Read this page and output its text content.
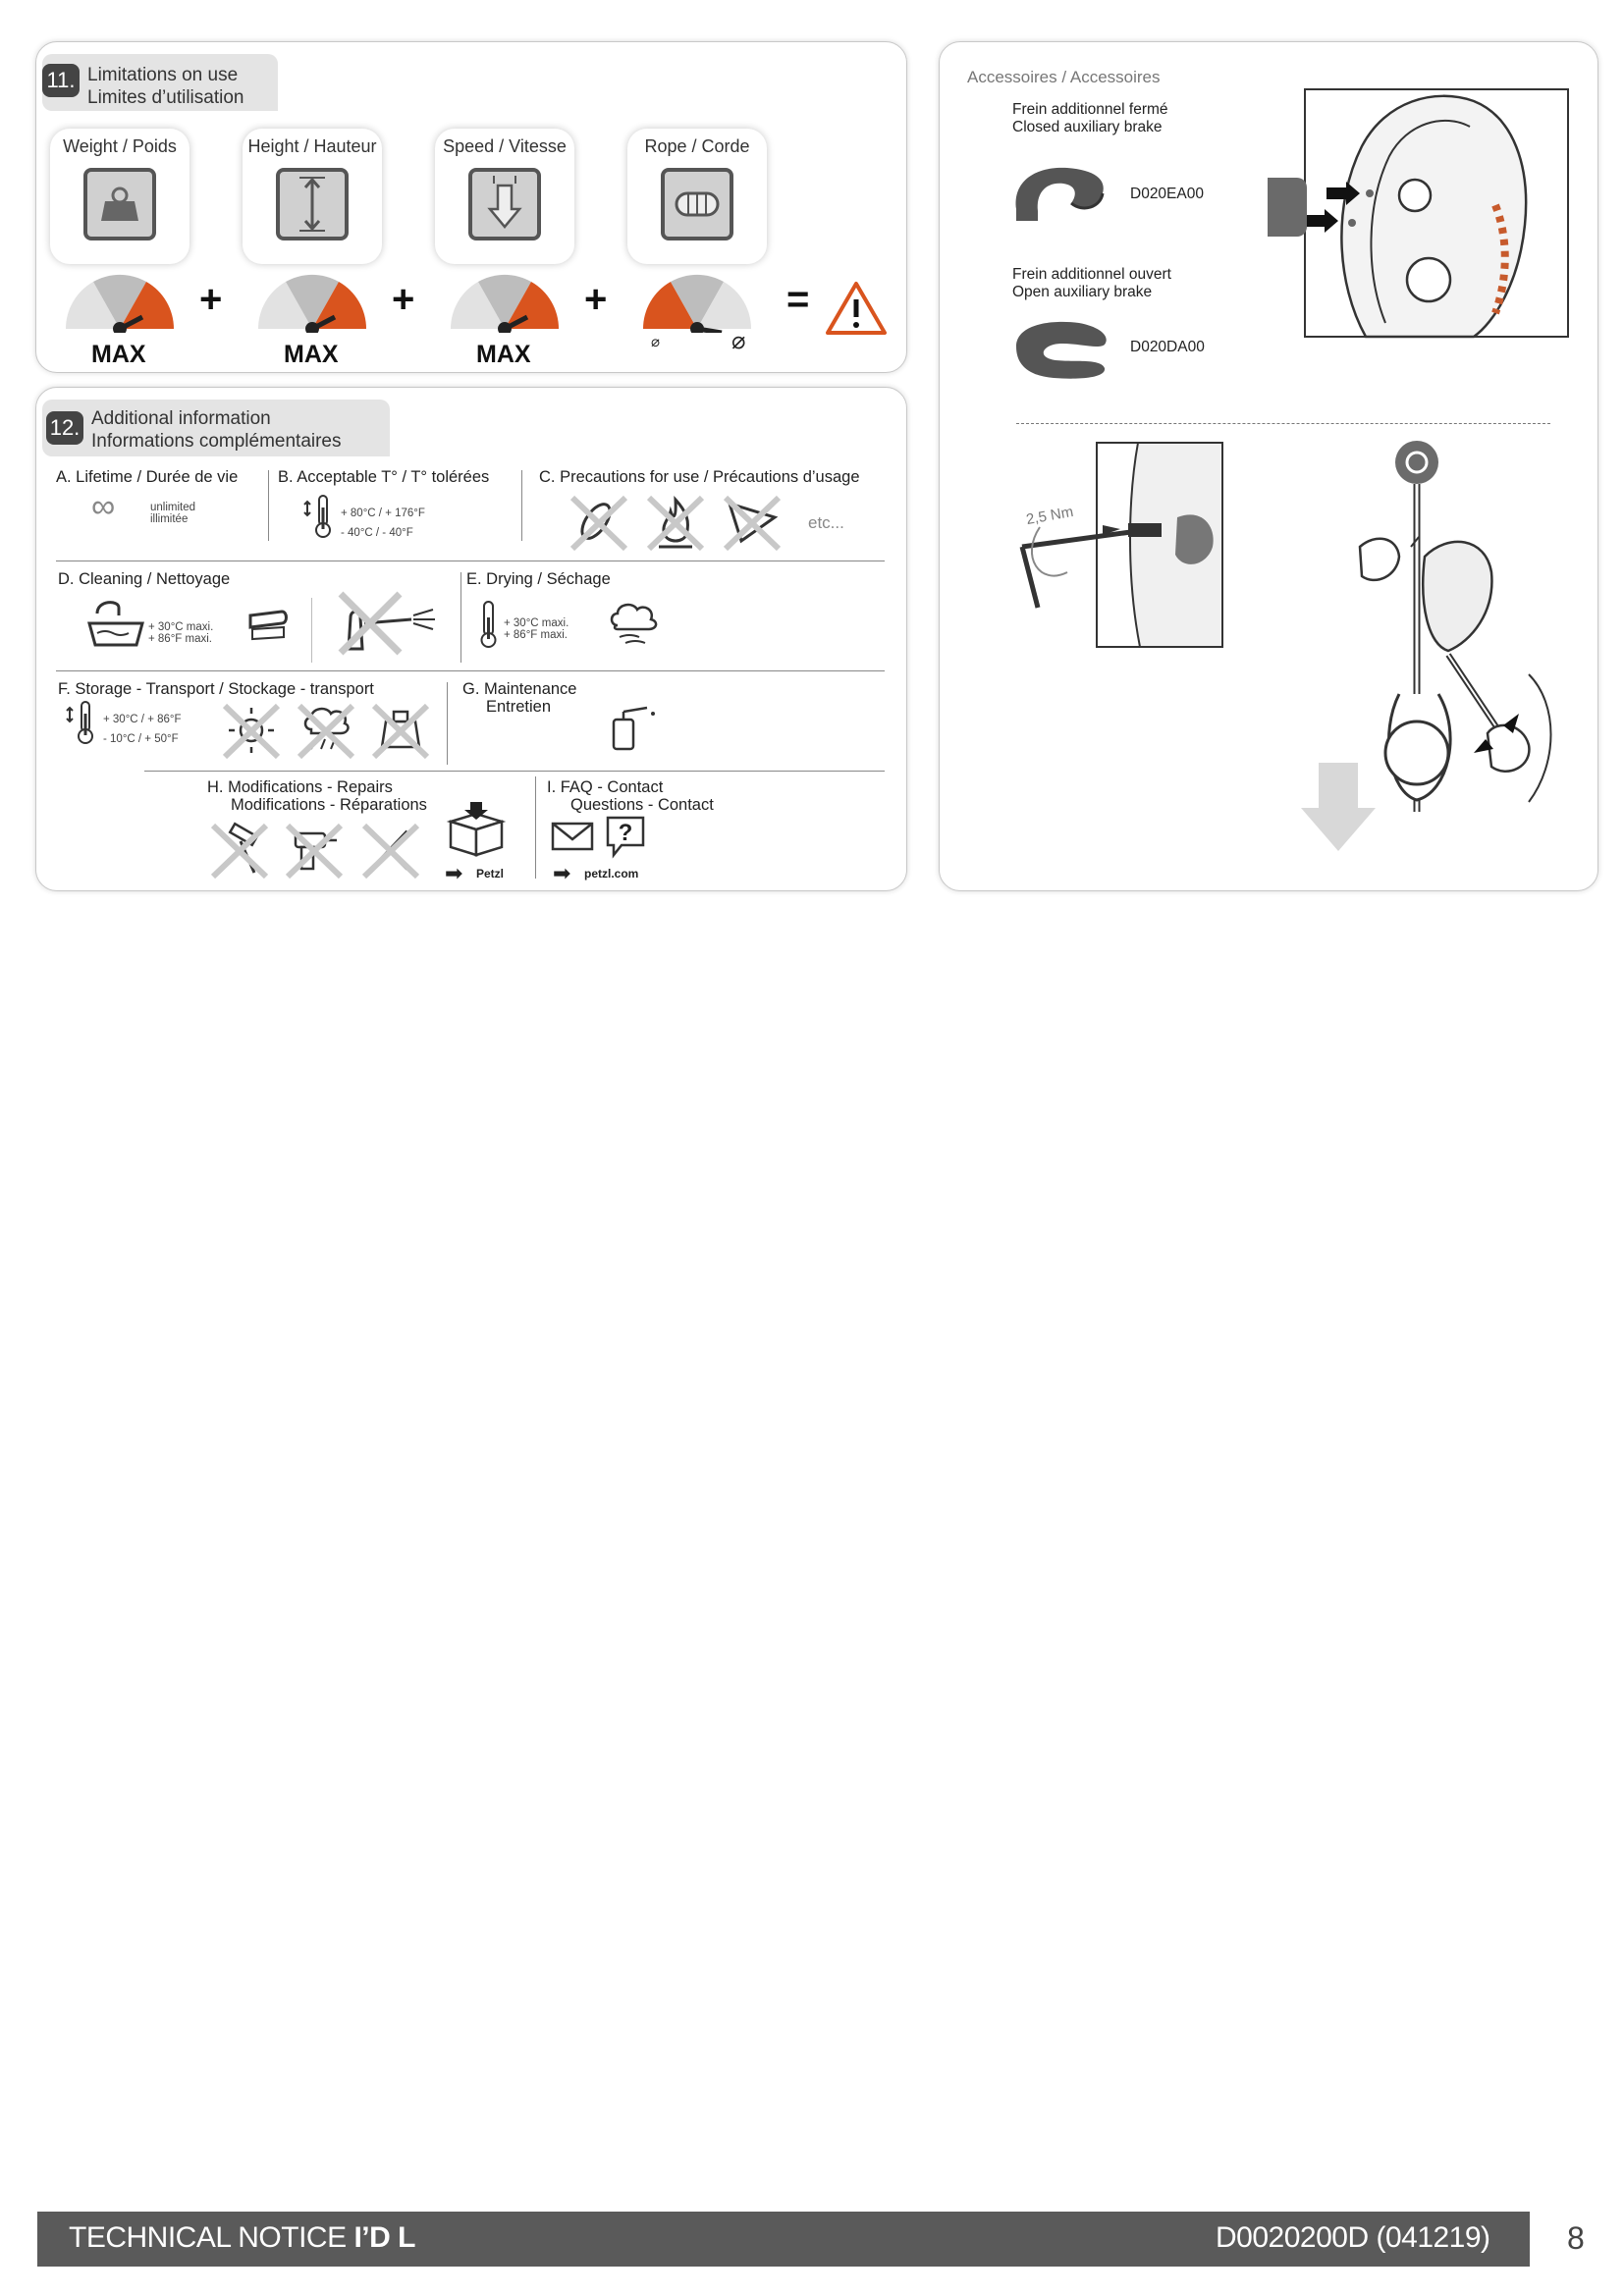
11. Limitations on use
Limites d’utilisation
Weight / Poids	Height / Hauteur	Speed / Vitesse	Rope / Corde
MAX
+
MAX
+
MAX
+
⌀	⌀
=
12. Additional information
Informations complémentaires
A. Lifetime / Durée de vie
∞	unlimited
illimitée
B. Acceptable T° / T° tolérées
+ 80°C / + 176°F
- 40°C / - 40°F
C. Precautions for use / Précautions d’usage
etc...
D. Cleaning / Nettoyage
+ 30°C maxi.
+ 86°F maxi.
E. Drying / Séchage
+ 30°C maxi.
+ 86°F maxi.
F. Storage - Transport / Stockage - transport
+ 30°C / + 86°F
- 10°C / + 50°F
G. Maintenance
Entretien
H. Modifications - Repairs
Modifications - Réparations
➡ Petzl
I. FAQ - Contact
Questions - Contact
?
➡ petzl.com
Accessoires / Accessoires
Frein additionnel fermé
Closed auxiliary brake
D020EA00
Frein additionnel ouvert
Open auxiliary brake
D020DA00
2,5 Nm
TECHNICAL NOTICE I’D L	D0020200D (041219) 8
